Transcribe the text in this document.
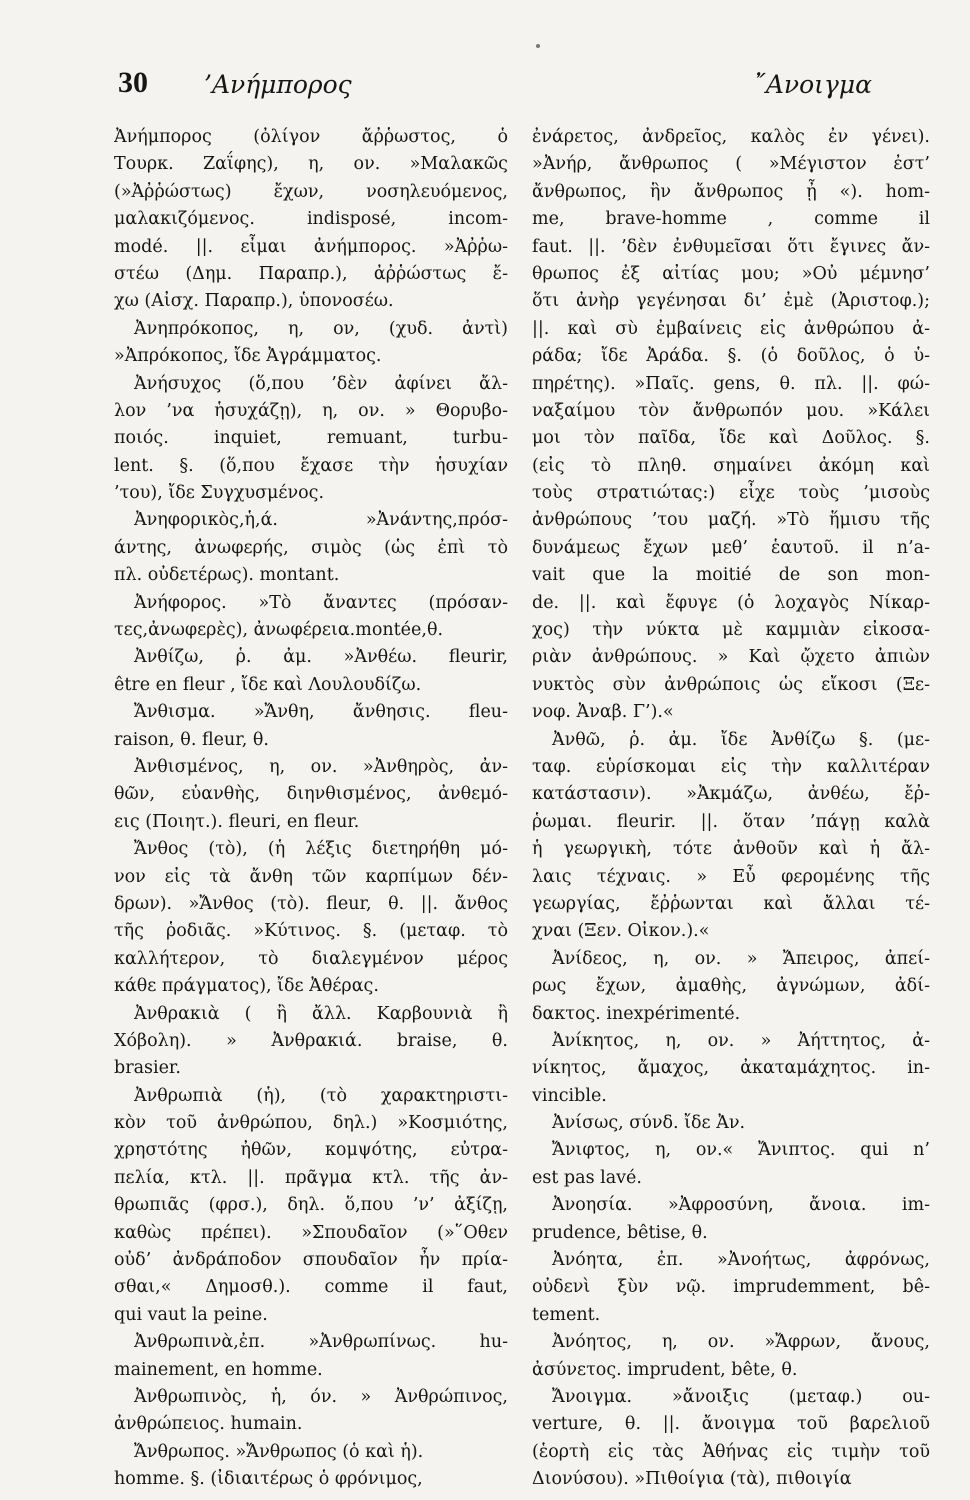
30 ’Ανήμπορος	῎Ανοιγμα
Ἀνήμπορος (ὀλίγον ἄῤῥωστος, ὁ
Τουρκ. Ζαΐφης), η, ον. »Μαλακῶς
(»Ἀῤῥώστως) ἔχων, νοσηλευόμενος,
μαλακιζόμενος. indisposé, incom-
modé. ||. εἶμαι ἀνήμπορος. »Ἀῤῥω-
στέω (Δημ. Παραπρ.), ἀῤῥώστως ἔ-
χω (Αἰσχ. Παραπρ.), ὑπονοσέω.
Ἀνηπρόκοπος, η, ον, (χυδ. ἀντὶ)
»Ἀπρόκοπος, ἴδε Ἀγράμματος.
Ἀνήσυχος (ὅ,που ’δὲν ἀφίνει ἄλ-
λον ’να ἡσυχάζῃ), η, ον. » Θορυβο-
ποιός. inquiet, remuant, turbu-
lent. §. (ὅ,που ἔχασε τὴν ἡσυχίαν
’του), ἴδε Συγχυσμένος.
Ἀνηφορικὸς,ἡ,ά. »Ἀνάντης,πρόσ-
άντης, ἀνωφερής, σιμὸς (ὡς ἐπὶ τὸ
πλ. οὐδετέρως). montant.
Ἀνήφορος. »Τὸ ἄναντες (πρόσαν-
τες,ἀνωφερὲς), ἀνωφέρεια.montée,θ.
Ἀνθίζω, ῥ. ἀμ. »Ἀνθέω. fleurir,
être en fleur , ἴδε καὶ Λουλουδίζω.
Ἄνθισμα. »Ἄνθη, ἄνθησις. fleu-
raison, θ. fleur, θ.
Ἀνθισμένος, η, ον. »Ἀνθηρὸς, ἀν-
θῶν, εὐανθὴς, διηνθισμένος, ἀνθεμό-
εις (Ποιητ.). fleuri, en fleur.
Ἄνθος (τὸ), (ἡ λέξις διετηρήθη μό-
νον εἰς τὰ ἄνθη τῶν καρπίμων δέν-
δρων). »Ἄνθος (τὸ). fleur, θ. ||. ἄνθος
τῆς ῥοδιᾶς. »Κύτινος. §. (μεταφ. τὸ
καλλήτερον, τὸ διαλεγμένον μέρος
κάθε πράγματος), ἴδε Ἀθέρας.
Ἀνθρακιὰ ( ἢ ἄλλ. Καρβουνιὰ ἢ
Χόβολη). » Ἀνθρακιά. braise, θ.
brasier.
Ἀνθρωπιὰ (ἡ), (τὸ χαρακτηριστι-
κὸν τοῦ ἀνθρώπου, δηλ.) »Κοσμιότης,
χρηστότης ἠθῶν, κομψότης, εὐτρα-
πελία, κτλ. ||. πρᾶγμα κτλ. τῆς ἀν-
θρωπιᾶς (φρσ.), δηλ. ὅ,που ’ν’ ἀξίζῃ,
καθὼς πρέπει). »Σπουδαῖον (»῞Οθεν
οὐδ’ ἀνδράποδον σπουδαῖον ἦν πρία-
σθαι,« Δημοσθ.). comme il faut,
qui vaut la peine.
Ἀνθρωπινὰ,ἐπ. »Ἀνθρωπίνως. hu-
mainement, en homme.
Ἀνθρωπινὸς, ἡ, όν. » Ἀνθρώπινος,
ἀνθρώπειος. humain.
Ἄνθρωπος. »Ἄνθρωπος (ὁ καὶ ἡ).
homme. §. (ἰδιαιτέρως ὁ φρόνιμος,
ἐνάρετος, ἀνδρεῖος, καλὸς ἐν γένει).
»Ἀνήρ, ἄνθρωπος ( »Μέγιστον ἐστ’
ἄνθρωπος, ἣν ἄνθρωπος ᾖ «). hom-
me, brave-homme , comme il
faut. ||. ’δὲν ἐνθυμεῖσαι ὅτι ἔγινες ἄν-
θρωπος ἐξ αἰτίας μου; »Οὐ μέμνησ’
ὅτι ἀνὴρ γεγένησαι δι’ ἐμὲ (Ἀριστοφ.);
||. καὶ σὺ ἐμβαίνεις εἰς ἀνθρώπου ἀ-
ράδα; ἴδε Ἀράδα. §. (ὁ δοῦλος, ὁ ὑ-
πηρέτης). »Παῖς. gens, θ. πλ. ||. φώ-
ναξαίμου τὸν ἄνθρωπόν μου. »Κάλει
μοι τὸν παῖδα, ἴδε καὶ Δοῦλος. §.
(εἰς τὸ πληθ. σημαίνει ἀκόμη καὶ
τοὺς στρατιώτας:) εἶχε τοὺς ’μισοὺς
ἀνθρώπους ’του μαζή. »Τὸ ἥμισυ τῆς
δυνάμεως ἔχων μεθ’ ἑαυτοῦ. il n’a-
vait que la moitié de son mon-
de. ||. καὶ ἔφυγε (ὁ λοχαγὸς Νίκαρ-
χος) τὴν νύκτα μὲ καμμιὰν εἰκοσα-
ριὰν ἀνθρώπους. » Καὶ ᾤχετο ἀπιὼν
νυκτὸς σὺν ἀνθρώποις ὡς εἴκοσι (Ξε-
νοφ. Ἀναβ. Γ’).«
Ἀνθῶ, ῥ. ἀμ. ἴδε Ἀνθίζω §. (με-
ταφ. εὑρίσκομαι εἰς τὴν καλλιτέραν
κατάστασιν). »Ἀκμάζω, ἀνθέω, ἔῤ-
ῥωμαι. fleurir. ||. ὅταν ’πάγῃ καλὰ
ἡ γεωργικὴ, τότε ἀνθοῦν καὶ ἡ ἄλ-
λαις τέχναις. » Εὖ φερομένης τῆς
γεωργίας, ἔῤῥωνται καὶ ἄλλαι τέ-
χναι (Ξεν. Οἰκον.).«
Ἀνίδεος, η, ον. » Ἄπειρος, ἀπεί-
ρως ἔχων, ἀμαθὴς, ἀγνώμων, ἀδί-
δακτος. inexpérimenté.
Ἀνίκητος, η, ον. » Ἀήττητος, ἀ-
νίκητος, ἄμαχος, ἀκαταμάχητος. in-
vincible.
Ἀνίσως, σύνδ. ἴδε Ἀν.
Ἄνιφτος, η, ον.« Ἄνιπτος. qui n’
est pas lavé.
Ἀνοησία. »Ἀφροσύνη, ἄνοια. im-
prudence, bêtise, θ.
Ἀνόητα, ἐπ. »Ἀνοήτως, ἀφρόνως,
οὐδενὶ ξὺν νῷ. imprudemment, bê-
tement.
Ἀνόητος, η, ον. »Ἄφρων, ἄνους,
ἀσύνετος. imprudent, bête, θ.
Ἄνοιγμα. »ἄνοιξις (μεταφ.) ou-
verture, θ. ||. ἄνοιγμα τοῦ βαρελιοῦ
(ἑορτὴ εἰς τὰς Ἀθήνας εἰς τιμὴν τοῦ
Διονύσου). »Πιθοίγια (τὰ), πιθοιγία
